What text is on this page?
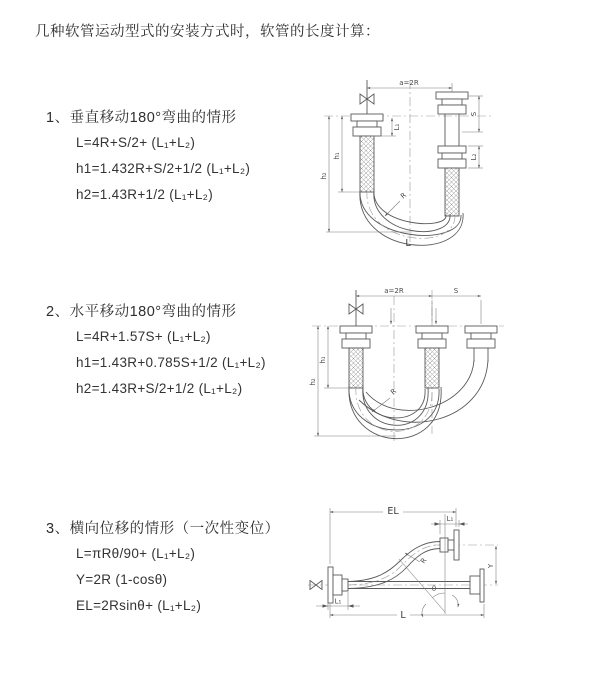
几种软管运动型式的安装方式时，软管的长度计算：
1、垂直移动180°弯曲的情形
L=4R+S/2+ (L₁+L₂)
h1=1.432R+S/2+1/2 (L₁+L₂)
h2=1.43R+1/2 (L₁+L₂)
2、水平移动180°弯曲的情形
L=4R+1.57S+ (L₁+L₂)
h1=1.43R+0.785S+1/2 (L₁+L₂)
h2=1.43R+S/2+1/2 (L₁+L₂)
3、横向位移的情形（一次性变位）
L=πRθ/90+ (L₁+L₂)
Y=2R (1-cosθ)
EL=2Rsinθ+ (L₁+L₂)
a=2R
h₂
h₁
L₁
S
L₂
R
L
a=2R	S
h₂
h₁
R
EL
L₁
θ
Y
L
L₁
R
